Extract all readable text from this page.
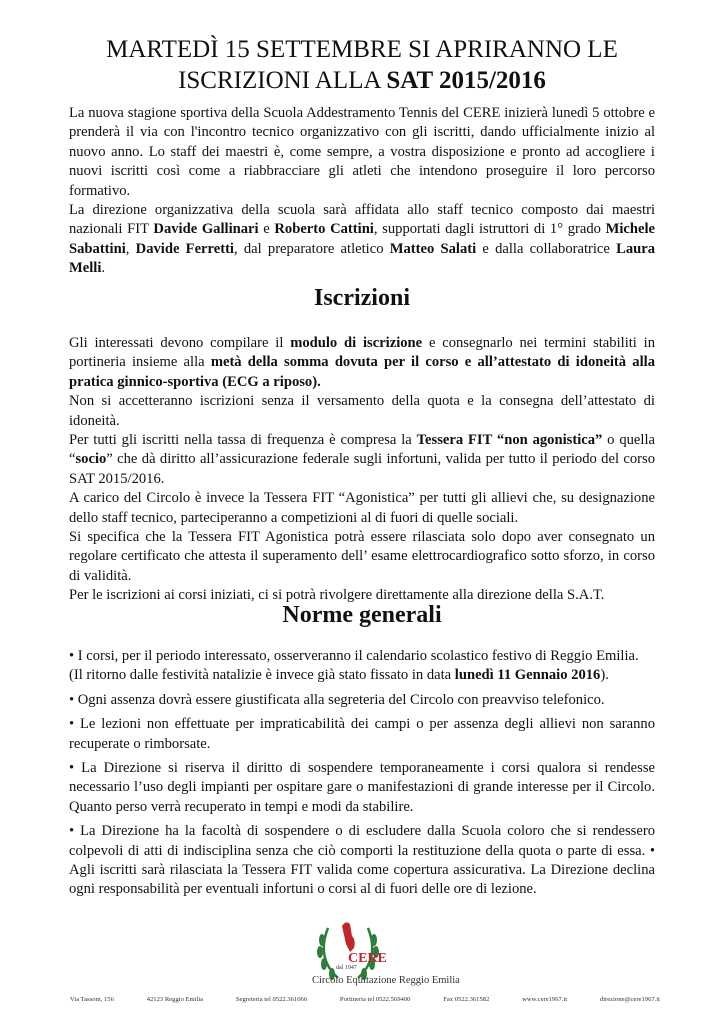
MARTEDÌ 15 SETTEMBRE SI APRIRANNO LE
ISCRIZIONI ALLA SAT 2015/2016

La nuova stagione sportiva della Scuola Addestramento Tennis del CERE inizierà lunedì 5 ottobre e prenderà il via con l'incontro tecnico organizzativo con gli iscritti, dando ufficialmente inizio al nuovo anno. Lo staff dei maestri è, come sempre, a vostra disposizione e pronto ad accogliere i nuovi iscritti così come a riabbracciare gli atleti che intendono proseguire il loro percorso formativo.

La direzione organizzativa della scuola sarà affidata allo staff tecnico composto dai maestri nazionali FIT Davide Gallinari e Roberto Cattini, supportati dagli istruttori di 1° grado Michele Sabattini, Davide Ferretti, dal preparatore atletico Matteo Salati e dalla collaboratrice Laura Melli.

Iscrizioni

Gli interessati devono compilare il modulo di iscrizione e consegnarlo nei termini stabiliti in portineria insieme alla metà della somma dovuta per il corso e all’attestato di idoneità alla pratica ginnico-sportiva (ECG a riposo).

Non si accetteranno iscrizioni senza il versamento della quota e la consegna dell’attestato di idoneità.

Per tutti gli iscritti nella tassa di frequenza è compresa la Tessera FIT “non agonistica” o quella “socio” che dà diritto all’assicurazione federale sugli infortuni, valida per tutto il periodo del corso SAT 2015/2016.

A carico del Circolo è invece la Tessera FIT “Agonistica” per tutti gli allievi che, su designazione dello staff tecnico, parteciperanno a competizioni al di fuori di quelle sociali.

Si specifica che la Tessera FIT Agonistica potrà essere rilasciata solo dopo aver consegnato un regolare certificato che attesta il superamento dell’ esame elettrocardiografico sotto sforzo, in corso di validità.

Per le iscrizioni ai corsi iniziati, ci si potrà rivolgere direttamente alla direzione della S.A.T.

Norme generali

• I corsi, per il periodo interessato, osserveranno il calendario scolastico festivo di Reggio Emilia.
(Il ritorno dalle festività natalizie è invece già stato fissato in data lunedì 11 Gennaio 2016).

• Ogni assenza dovrà essere giustificata alla segreteria del Circolo con preavviso telefonico.

• Le lezioni non effettuate per impraticabilità dei campi o per assenza degli allievi non saranno recuperate o rimborsate.

• La Direzione si riserva il diritto di sospendere temporaneamente i corsi qualora si rendesse necessario l’uso degli impianti per ospitare gare o manifestazioni di grande interesse per il Circolo. Quanto perso verrà recuperato in tempi e modi da stabilire.

• La Direzione ha la facoltà di sospendere o di escludere dalla Scuola coloro che si rendessero colpevoli di atti di indisciplina senza che ciò comporti la restituzione della quota o parte di essa. • Agli iscritti sarà rilasciata la Tessera FIT valida come copertura assicurativa. La Direzione declina ogni responsabilità per eventuali infortuni o corsi al di fuori delle ore di lezione.

CERE
dal 1947
Circolo Equitazione Reggio Emilia
Via Tassoni, 156	42123 Reggio Emilia	Segreteria tel 0522.361066	Portineria tel 0522.569400	Fax 0522.361582	www.cere1967.it	direzione@cere1967.it
